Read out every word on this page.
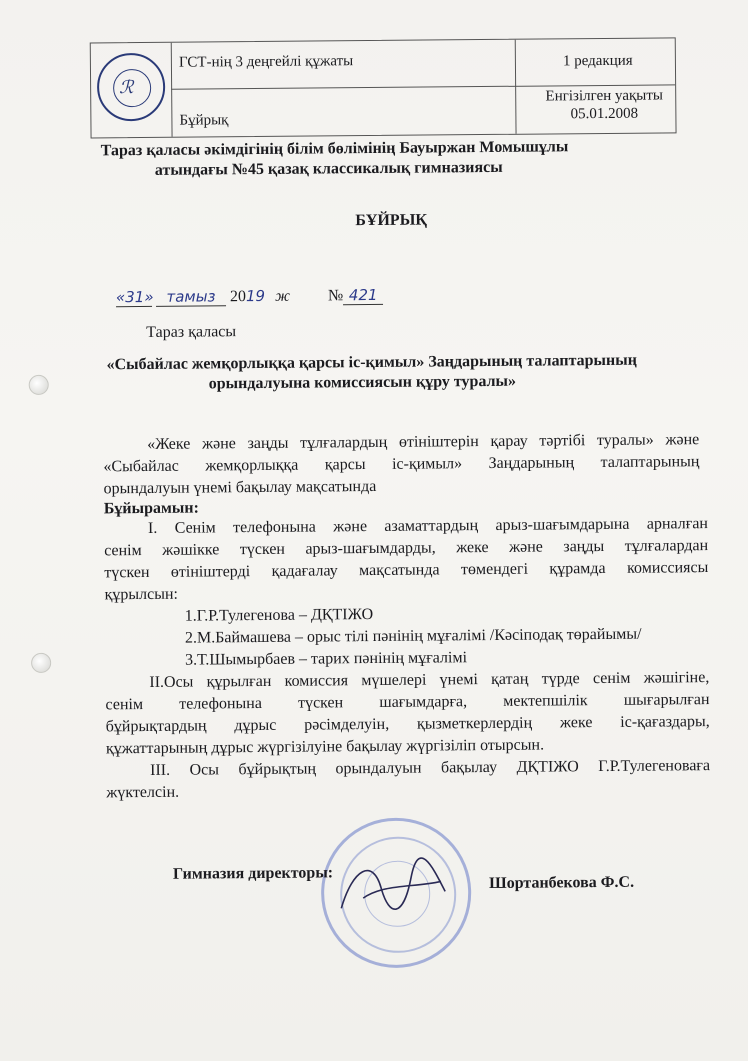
ℛ
ГСТ-нің 3 деңгейлі құжаты	1 редакция
Бұйрық
Енгізілген уақыты
05.01.2008
Тараз қаласы әкімдігінің білім бөлімінің Бауыржан Момышұлы
атындағы №45 қазақ классикалық гимназиясы
БҰЙРЫҚ
«31» тамыз 2019 ж № 421
Тараз қаласы
«Сыбайлас жемқорлыққа қарсы іс-қимыл» Заңдарының талаптарының
орындалуына комиссиясын құру туралы»
«Жеке және заңды тұлғалардың өтініштерін қарау тәртібі туралы» және
«Сыбайлас жемқорлыққа қарсы іс-қимыл» Заңдарының талаптарының
орындалуын үнемі бақылау мақсатында
Бұйырамын:
I. Сенім телефонына және азаматтардың арыз-шағымдарына арналған
сенім жәшікке түскен арыз-шағымдарды, жеке және заңды тұлғалардан
түскен өтініштерді қадағалау мақсатында төмендегі құрамда комиссиясы
құрылсын:
1.Г.Р.Тулегенова – ДҚТІЖО
2.М.Баймашева – орыс тілі пәнінің мұғалімі /Кәсіподақ төрайымы/
3.Т.Шымырбаев – тарих пәнінің мұғалімі
II.Осы құрылған комиссия мүшелері үнемі қатаң түрде сенім жәшігіне,
сенім телефонына түскен шағымдарға, мектепшілік шығарылған
бұйрықтардың дұрыс рәсімделуін, қызметкерлердің жеке іс-қағаздары,
құжаттарының дұрыс жүргізілуіне бақылау жүргізіліп отырсын.
III. Осы бұйрықтың орындалуын бақылау ДҚТІЖО Г.Р.Тулегеноваға
жүктелсін.
Гимназия директоры:
Шортанбекова Ф.С.
